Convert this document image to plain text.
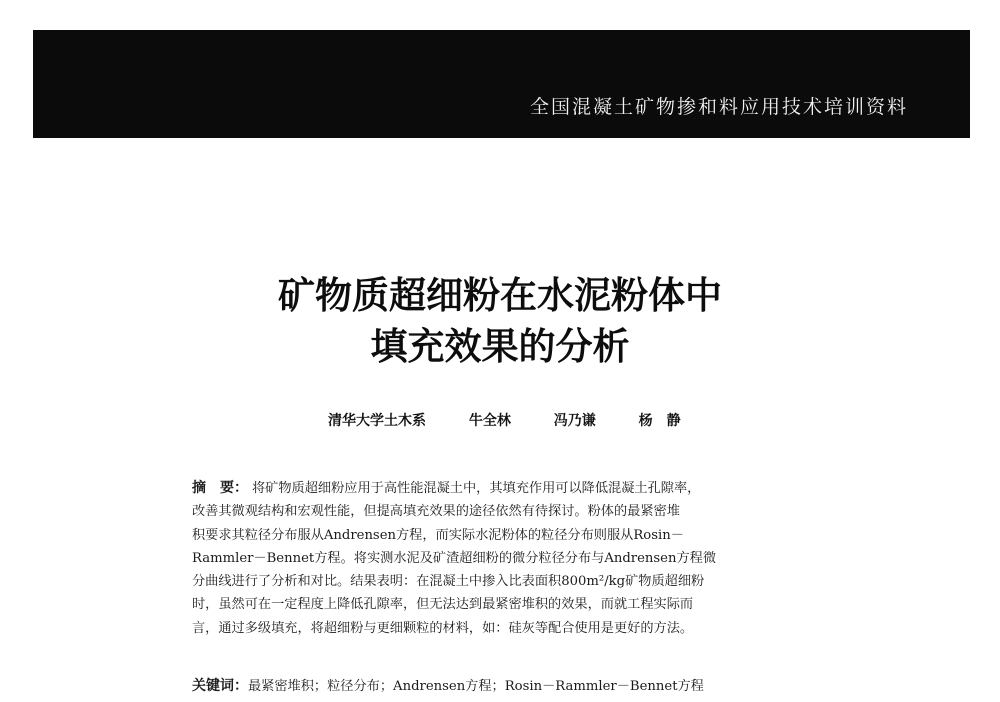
全国混凝土矿物掺和料应用技术培训资料
矿物质超细粉在水泥粉体中
填充效果的分析
清华大学土木系	牛全林	冯乃谦	杨　静
摘　要： 将矿物质超细粉应用于高性能混凝土中，其填充作用可以降低混凝土孔隙率，
改善其微观结构和宏观性能，但提高填充效果的途径依然有待探讨。粉体的最紧密堆
积要求其粒径分布服从Andrensen方程，而实际水泥粉体的粒径分布则服从Rosin－
Rammler－Bennet方程。将实测水泥及矿渣超细粉的微分粒径分布与Andrensen方程微
分曲线进行了分析和对比。结果表明：在混凝土中掺入比表面积800m²/kg矿物质超细粉
时，虽然可在一定程度上降低孔隙率，但无法达到最紧密堆积的效果，而就工程实际而
言，通过多级填充，将超细粉与更细颗粒的材料，如：硅灰等配合使用是更好的方法。
关键词：最紧密堆积；粒径分布；Andrensen方程；Rosin－Rammler－Bennet方程
